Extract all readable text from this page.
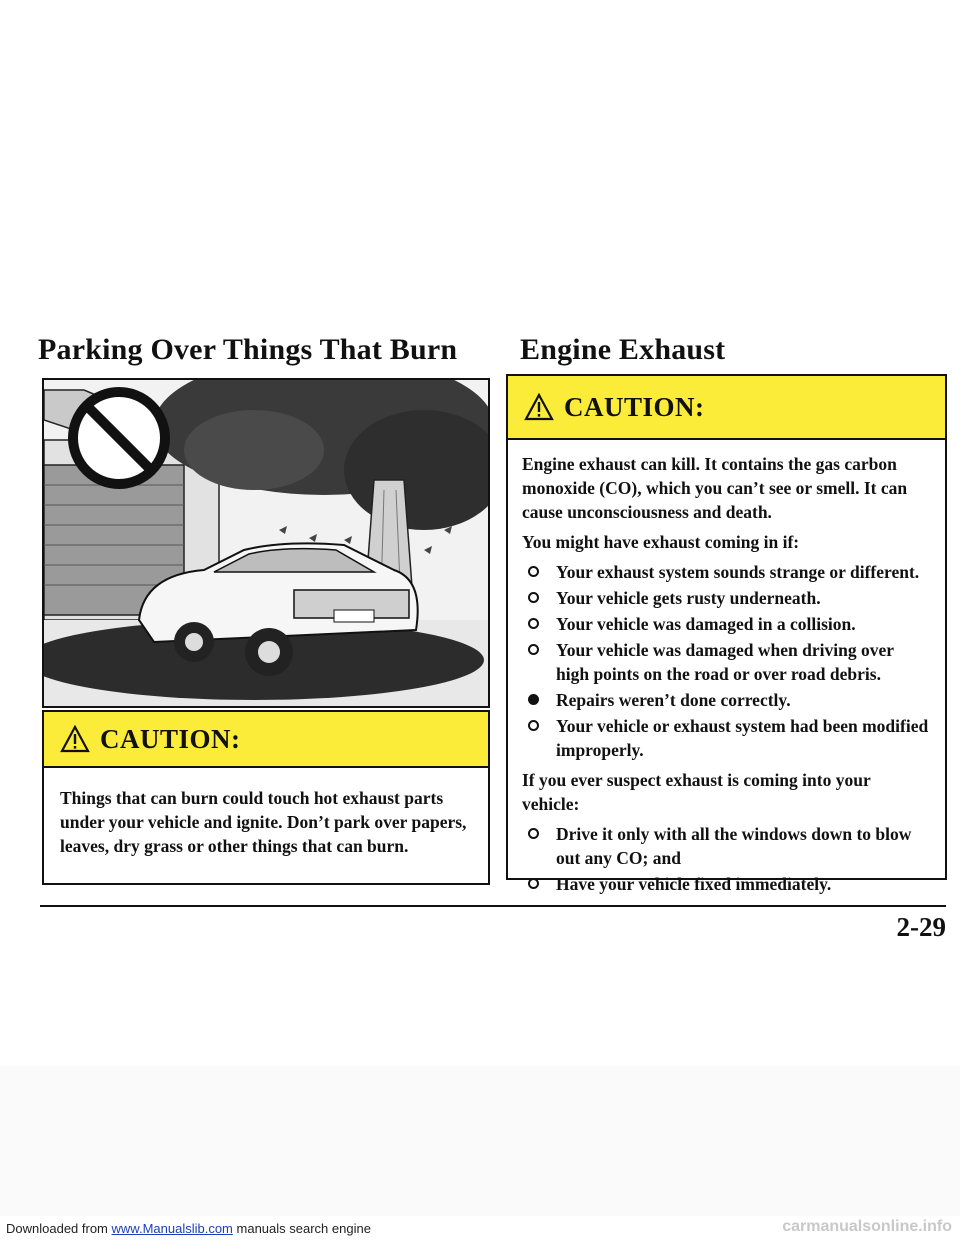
Parking Over Things That Burn Engine Exhaust
CAUTION:

Things that can burn could touch hot exhaust parts under your vehicle and ignite. Don’t park over papers, leaves, dry grass or other things that can burn.

CAUTION:

Engine exhaust can kill. It contains the gas carbon monoxide (CO), which you can’t see or smell. It can cause unconsciousness and death.

You might have exhaust coming in if:

Your exhaust system sounds strange or different.
Your vehicle gets rusty underneath.
Your vehicle was damaged in a collision.
Your vehicle was damaged when driving over high points on the road or over road debris.
Repairs weren’t done correctly.
Your vehicle or exhaust system had been modified improperly.

If you ever suspect exhaust is coming into your vehicle:

Drive it only with all the windows down to blow out any CO; and
Have your vehicle fixed immediately.
2-29
Downloaded from www.Manualslib.com manuals search engine	carmanualsonline.info
